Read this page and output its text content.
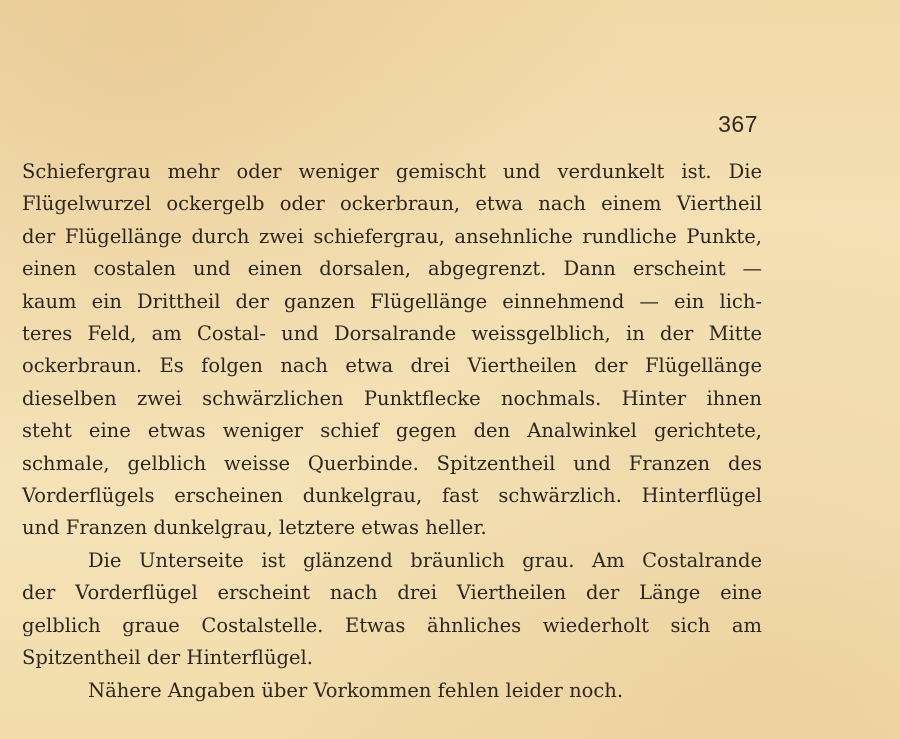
367
Schiefergrau mehr oder weniger gemischt und verdunkelt ist. Die
Flügelwurzel ockergelb oder ockerbraun, etwa nach einem Viertheil
der Flügellänge durch zwei schiefergrau, ansehnliche rundliche Punkte,
einen costalen und einen dorsalen, abgegrenzt. Dann erscheint —
kaum ein Drittheil der ganzen Flügellänge einnehmend — ein lich-
teres Feld, am Costal- und Dorsalrande weissgelblich, in der Mitte
ockerbraun. Es folgen nach etwa drei Viertheilen der Flügellänge
dieselben zwei schwärzlichen Punktflecke nochmals. Hinter ihnen
steht eine etwas weniger schief gegen den Analwinkel gerichtete,
schmale, gelblich weisse Querbinde. Spitzentheil und Franzen des
Vorderflügels erscheinen dunkelgrau, fast schwärzlich. Hinterflügel
und Franzen dunkelgrau, letztere etwas heller.
Die Unterseite ist glänzend bräunlich grau. Am Costalrande
der Vorderflügel erscheint nach drei Viertheilen der Länge eine
gelblich graue Costalstelle. Etwas ähnliches wiederholt sich am
Spitzentheil der Hinterflügel.
Nähere Angaben über Vorkommen fehlen leider noch.
